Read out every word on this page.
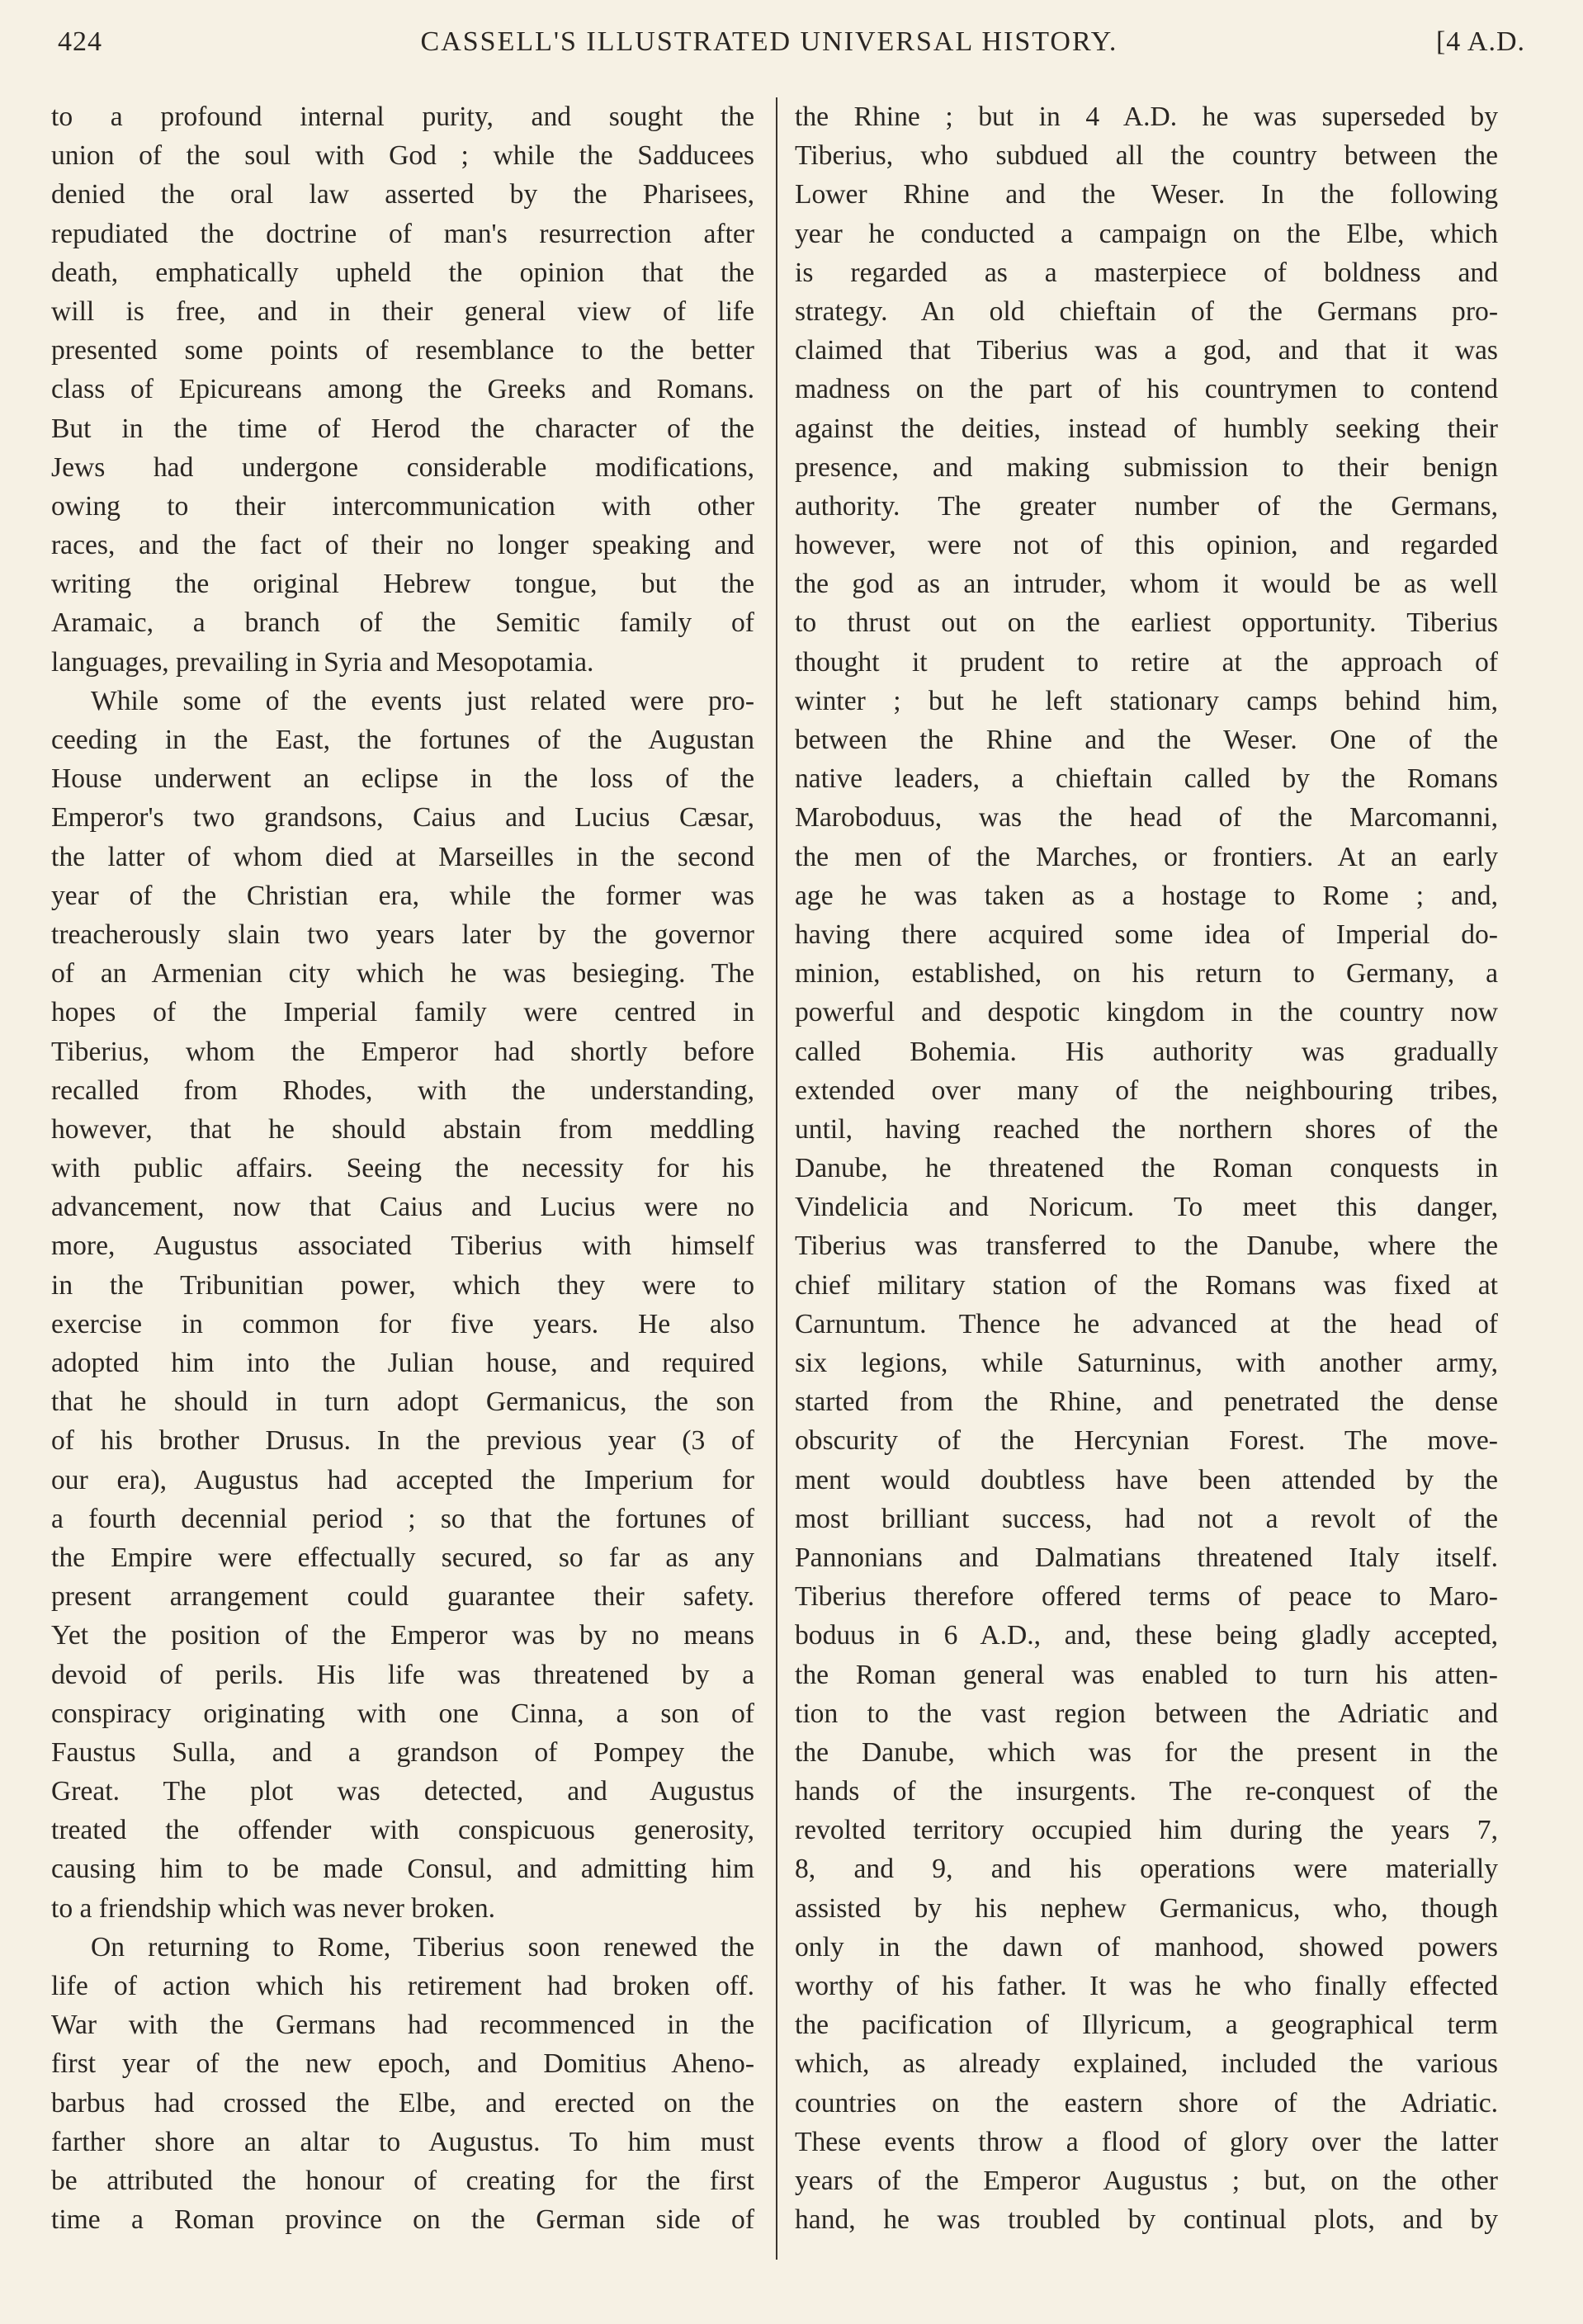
424	CASSELL'S ILLUSTRATED UNIVERSAL HISTORY.	[4 A.D.
to a profound internal purity, and sought the
union of the soul with God ; while the Sadducees
denied the oral law asserted by the Pharisees,
repudiated the doctrine of man's resurrection after
death, emphatically upheld the opinion that the
will is free, and in their general view of life
presented some points of resemblance to the better
class of Epicureans among the Greeks and Romans.
But in the time of Herod the character of the
Jews had undergone considerable modifications,
owing to their intercommunication with other
races, and the fact of their no longer speaking and
writing the original Hebrew tongue, but the
Aramaic, a branch of the Semitic family of
languages, prevailing in Syria and Mesopotamia.
While some of the events just related were pro-
ceeding in the East, the fortunes of the Augustan
House underwent an eclipse in the loss of the
Emperor's two grandsons, Caius and Lucius Cæsar,
the latter of whom died at Marseilles in the second
year of the Christian era, while the former was
treacherously slain two years later by the governor
of an Armenian city which he was besieging. The
hopes of the Imperial family were centred in
Tiberius, whom the Emperor had shortly before
recalled from Rhodes, with the understanding,
however, that he should abstain from meddling
with public affairs. Seeing the necessity for his
advancement, now that Caius and Lucius were no
more, Augustus associated Tiberius with himself
in the Tribunitian power, which they were to
exercise in common for five years. He also
adopted him into the Julian house, and required
that he should in turn adopt Germanicus, the son
of his brother Drusus. In the previous year (3 of
our era), Augustus had accepted the Imperium for
a fourth decennial period ; so that the fortunes of
the Empire were effectually secured, so far as any
present arrangement could guarantee their safety.
Yet the position of the Emperor was by no means
devoid of perils. His life was threatened by a
conspiracy originating with one Cinna, a son of
Faustus Sulla, and a grandson of Pompey the
Great. The plot was detected, and Augustus
treated the offender with conspicuous generosity,
causing him to be made Consul, and admitting him
to a friendship which was never broken.
On returning to Rome, Tiberius soon renewed the
life of action which his retirement had broken off.
War with the Germans had recommenced in the
first year of the new epoch, and Domitius Aheno-
barbus had crossed the Elbe, and erected on the
farther shore an altar to Augustus. To him must
be attributed the honour of creating for the first
time a Roman province on the German side of
the Rhine ; but in 4 A.D. he was superseded by
Tiberius, who subdued all the country between the
Lower Rhine and the Weser. In the following
year he conducted a campaign on the Elbe, which
is regarded as a masterpiece of boldness and
strategy. An old chieftain of the Germans pro-
claimed that Tiberius was a god, and that it was
madness on the part of his countrymen to contend
against the deities, instead of humbly seeking their
presence, and making submission to their benign
authority. The greater number of the Germans,
however, were not of this opinion, and regarded
the god as an intruder, whom it would be as well
to thrust out on the earliest opportunity. Tiberius
thought it prudent to retire at the approach of
winter ; but he left stationary camps behind him,
between the Rhine and the Weser. One of the
native leaders, a chieftain called by the Romans
Maroboduus, was the head of the Marcomanni,
the men of the Marches, or frontiers. At an early
age he was taken as a hostage to Rome ; and,
having there acquired some idea of Imperial do-
minion, established, on his return to Germany, a
powerful and despotic kingdom in the country now
called Bohemia. His authority was gradually
extended over many of the neighbouring tribes,
until, having reached the northern shores of the
Danube, he threatened the Roman conquests in
Vindelicia and Noricum. To meet this danger,
Tiberius was transferred to the Danube, where the
chief military station of the Romans was fixed at
Carnuntum. Thence he advanced at the head of
six legions, while Saturninus, with another army,
started from the Rhine, and penetrated the dense
obscurity of the Hercynian Forest. The move-
ment would doubtless have been attended by the
most brilliant success, had not a revolt of the
Pannonians and Dalmatians threatened Italy itself.
Tiberius therefore offered terms of peace to Maro-
boduus in 6 A.D., and, these being gladly accepted,
the Roman general was enabled to turn his atten-
tion to the vast region between the Adriatic and
the Danube, which was for the present in the
hands of the insurgents. The re-conquest of the
revolted territory occupied him during the years 7,
8, and 9, and his operations were materially
assisted by his nephew Germanicus, who, though
only in the dawn of manhood, showed powers
worthy of his father. It was he who finally effected
the pacification of Illyricum, a geographical term
which, as already explained, included the various
countries on the eastern shore of the Adriatic.
These events throw a flood of glory over the latter
years of the Emperor Augustus ; but, on the other
hand, he was troubled by continual plots, and by
